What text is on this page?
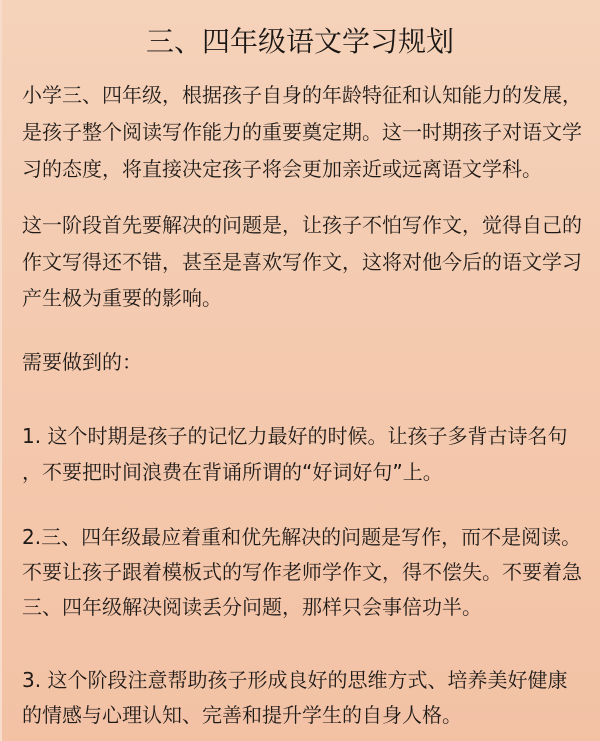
三、四年级语文学习规划
小学三、四年级，根据孩子自身的年龄特征和认知能力的发展，
是孩子整个阅读写作能力的重要奠定期。这一时期孩子对语文学
习的态度，将直接决定孩子将会更加亲近或远离语文学科。
这一阶段首先要解决的问题是，让孩子不怕写作文，觉得自己的
作文写得还不错，甚至是喜欢写作文，这将对他今后的语文学习
产生极为重要的影响。
需要做到的：
1. 这个时期是孩子的记忆力最好的时候。让孩子多背古诗名句
，不要把时间浪费在背诵所谓的“好词好句”上。
2.三、四年级最应着重和优先解决的问题是写作，而不是阅读。
不要让孩子跟着模板式的写作老师学作文，得不偿失。不要着急
三、四年级解决阅读丢分问题，那样只会事倍功半。
3. 这个阶段注意帮助孩子形成良好的思维方式、培养美好健康
的情感与心理认知、完善和提升学生的自身人格。
